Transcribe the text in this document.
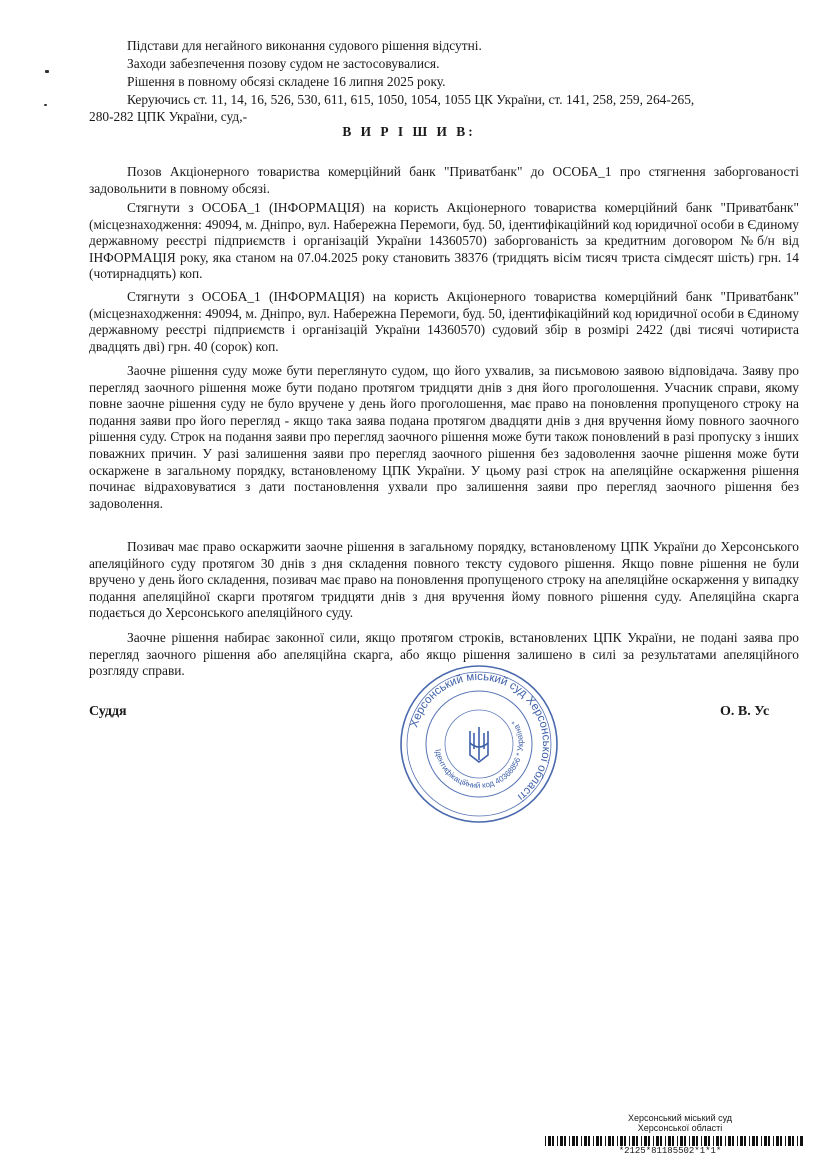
Підстави для негайного виконання судового рішення відсутні.

Заходи забезпечення позову судом не застосовувалися.

Рішення в повному обсязі складене 16 липня 2025 року.

Керуючись ст. 11, 14, 16, 526, 530, 611, 615, 1050, 1054, 1055 ЦК України, ст. 141, 258, 259, 264-265,

280-282 ЦПК України, суд,-

В И Р І Ш И В:

Позов Акціонерного товариства комерційний банк "Приватбанк" до ОСОБА_1 про стягнення заборгованості задовольнити в повному обсязі.

Стягнути з ОСОБА_1 (ІНФОРМАЦІЯ) на користь Акціонерного товариства комерційний банк "Приватбанк" (місцезнаходження: 49094, м. Дніпро, вул. Набережна Перемоги, буд. 50, ідентифікаційний код юридичної особи в Єдиному державному реєстрі підприємств і організацій України 14360570) заборгованість за кредитним договором №б/н від ІНФОРМАЦІЯ року, яка станом на 07.04.2025 року становить 38376 (тридцять вісім тисяч триста сімдесят шість) грн. 14 (чотирнадцять) коп.

Стягнути з ОСОБА_1 (ІНФОРМАЦІЯ) на користь Акціонерного товариства комерційний банк "Приватбанк" (місцезнаходження: 49094, м. Дніпро, вул. Набережна Перемоги, буд. 50, ідентифікаційний код юридичної особи в Єдиному державному реєстрі підприємств і організацій України 14360570) судовий збір в розмірі 2422 (дві тисячі чотириста двадцять дві) грн. 40 (сорок) коп.

Заочне рішення суду може бути переглянуто судом, що його ухвалив, за письмовою заявою відповідача. Заяву про перегляд заочного рішення може бути подано протягом тридцяти днів з дня його проголошення. Учасник справи, якому повне заочне рішення суду не було вручене у день його проголошення, має право на поновлення пропущеного строку на подання заяви про його перегляд - якщо така заява подана протягом двадцяти днів з дня вручення йому повного заочного рішення суду. Строк на подання заяви про перегляд заочного рішення може бути також поновлений в разі пропуску з інших поважних причин. У разі залишення заяви про перегляд заочного рішення без задоволення заочне рішення може бути оскаржене в загальному порядку, встановленому ЦПК України. У цьому разі строк на апеляційне оскарження рішення починає відраховуватися з дати постановлення ухвали про залишення заяви про перегляд заочного рішення без задоволення.

Позивач має право оскаржити заочне рішення в загальному порядку, встановленому ЦПК України до Херсонського апеляційного суду протягом 30 днів з дня складення повного тексту судового рішення. Якщо повне рішення не були вручено у день його складення, позивач має право на поновлення пропущеного строку на апеляційне оскарження у випадку подання апеляційної скарги протягом тридцяти днів з дня вручення йому повного рішення суду. Апеляційна скарга подається до Херсонського апеляційного суду.

Заочне рішення набирає законної сили, якщо протягом строків, встановлених ЦПК України, не подані заява про перегляд заочного рішення або апеляційна скарга, або якщо рішення залишено в силі за результатами апеляційного розгляду справи.

Суддя	О. В. Ус
Херсонський міський суд Херсонської області
Ідентифікаційний код 40368856 * Україна *
Херсонський міський суд
Херсонської області
*2125*81185502*1*1*
